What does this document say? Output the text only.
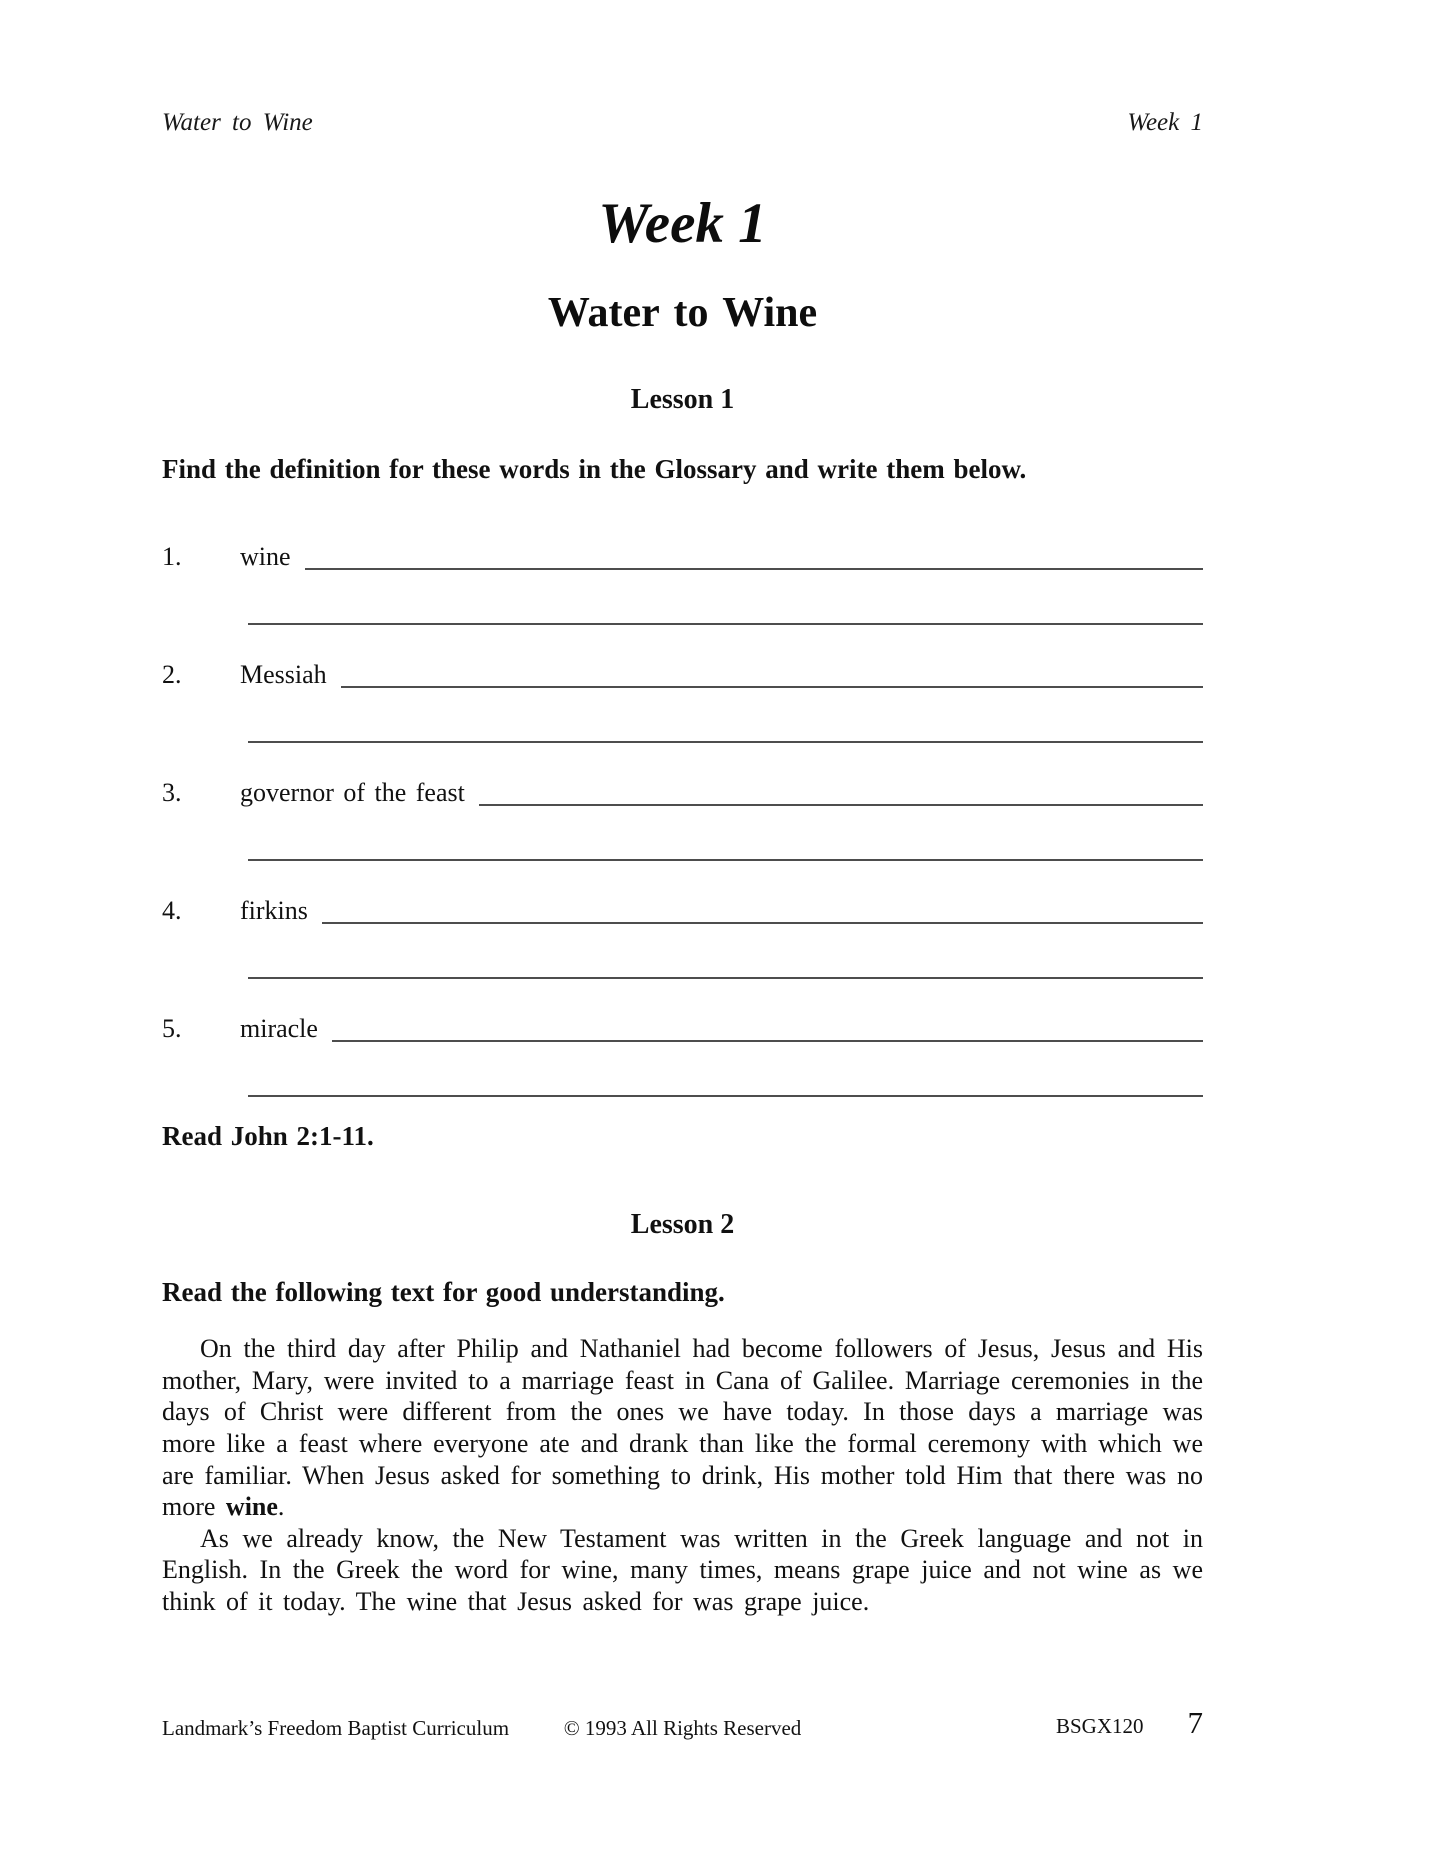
Water to Wine	Week 1
Week 1
Water to Wine
Lesson 1
Find the definition for these words in the Glossary and write them below.
1.	wine
2.	Messiah
3.	governor of the feast
4.	firkins
5.	miracle
Read John 2:1-11.
Lesson 2
Read the following text for good understanding.

On the third day after Philip and Nathaniel had become followers of Jesus, Jesus and His mother, Mary, were invited to a marriage feast in Cana of Galilee. Marriage ceremonies in the days of Christ were different from the ones we have today. In those days a marriage was more like a feast where everyone ate and drank than like the formal ceremony with which we are familiar. When Jesus asked for something to drink, His mother told Him that there was no more wine.

As we already know, the New Testament was written in the Greek language and not in English. In the Greek the word for wine, many times, means grape juice and not wine as we think of it today. The wine that Jesus asked for was grape juice.

Landmark’s Freedom Baptist Curriculum	© 1993 All Rights Reserved	BSGX120 7
